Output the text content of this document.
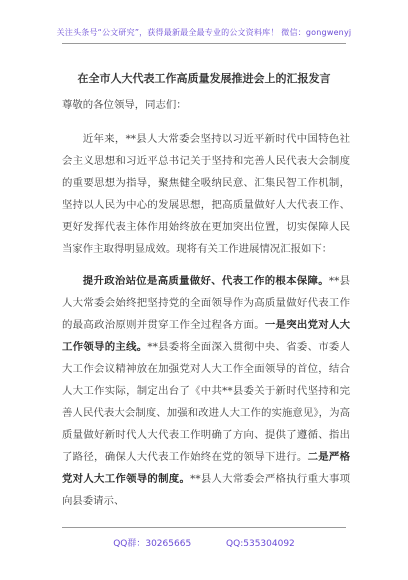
关注头条号“公文研究”，获得最新最全最专业的公文资料库！ 微信：gongwenyj
在全市人大代表工作高质量发展推进会上的汇报发言

尊敬的各位领导，同志们：

近年来，**县人大常委会坚持以习近平新时代中国特色社会主义思想和习近平总书记关于坚持和完善人民代表大会制度的重要思想为指导，聚焦健全吸纳民意、汇集民智工作机制，坚持以人民为中心的发展思想，把高质量做好人大代表工作、更好发挥代表主体作用始终放在更加突出位置，切实保障人民当家作主取得明显成效。现将有关工作进展情况汇报如下：

提升政治站位是高质量做好、代表工作的根本保障。**县人大常委会始终把坚持党的全面领导作为高质量做好代表工作的最高政治原则并贯穿工作全过程各方面。一是突出党对人大工作领导的主线。**县委将全面深入贯彻中央、省委、市委人大工作会议精神放在加强党对人大工作全面领导的首位，结合人大工作实际，制定出台了《中共**县委关于新时代坚持和完善人民代表大会制度、加强和改进人大工作的实施意见》，为高质量做好新时代人大代表工作明确了方向、提供了遵循、指出了路径，确保人大代表工作始终在党的领导下进行。二是严格党对人大工作领导的制度。**县人大常委会严格执行重大事项向县委请示、

QQ群：30265665	QQ:535304092
